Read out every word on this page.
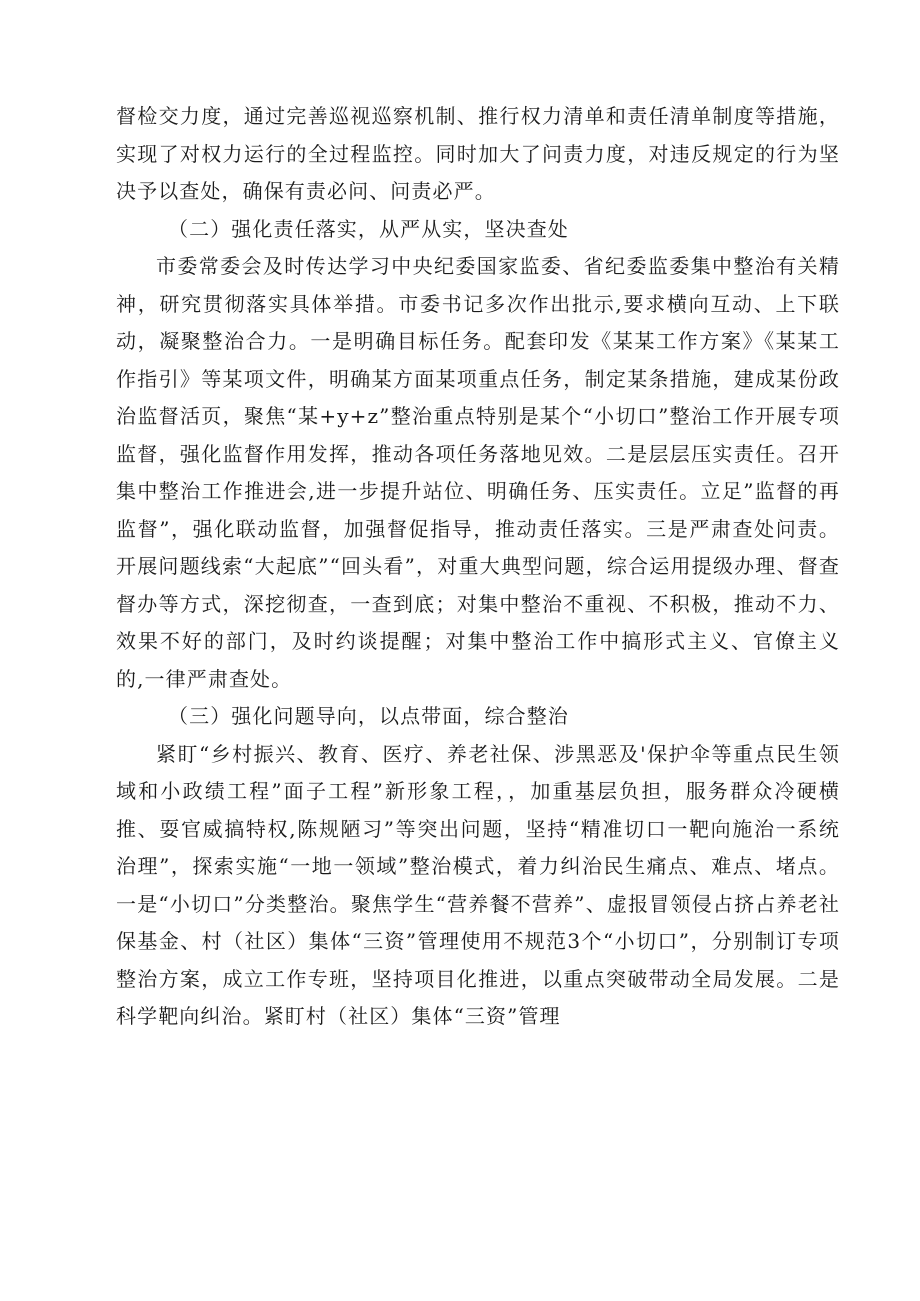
督检交力度，通过完善巡视巡察机制、推行权力清单和责任清单制度等措施，实现了对权力运行的全过程监控。同时加大了问责力度，对违反规定的行为坚决予以查处，确保有责必问、问责必严。

（二）强化责任落实，从严从实，坚决查处

市委常委会及时传达学习中央纪委国家监委、省纪委监委集中整治有关精神，研究贯彻落实具体举措。市委书记多次作出批示,要求横向互动、上下联动，凝聚整治合力。一是明确目标任务。配套印发《某某工作方案》《某某工作指引》等某项文件，明确某方面某项重点任务，制定某条措施，建成某份政治监督活页，聚焦“某+y+z”整治重点特别是某个“小切口”整治工作开展专项监督，强化监督作用发挥，推动各项任务落地见效。二是层层压实责任。召开集中整治工作推进会,进一步提升站位、明确任务、压实责任。立足”监督的再监督”，强化联动监督，加强督促指导，推动责任落实。三是严肃查处问责。开展问题线索“大起底”“回头看”，对重大典型问题，综合运用提级办理、督查督办等方式，深挖彻查，一查到底；对集中整治不重视、不积极，推动不力、效果不好的部门，及时约谈提醒；对集中整治工作中搞形式主义、官僚主义的,一律严肃查处。

（三）强化问题导向，以点带面，综合整治

紧盯“乡村振兴、教育、医疗、养老社保、涉黑恶及'保护伞等重点民生领域和小政绩工程”面子工程”新形象工程，，加重基层负担，服务群众冷硬横推、耍官威搞特权,陈规陋习”等突出问题，坚持“精准切口一靶向施治一系统治理”，探索实施“一地一领域”整治模式，着力纠治民生痛点、难点、堵点。一是“小切口”分类整治。聚焦学生“营养餐不营养”、虚报冒领侵占挤占养老社保基金、村（社区）集体“三资”管理使用不规范3个“小切口”，分别制订专项整治方案，成立工作专班，坚持项目化推进，以重点突破带动全局发展。二是科学靶向纠治。紧盯村（社区）集体“三资”管理
